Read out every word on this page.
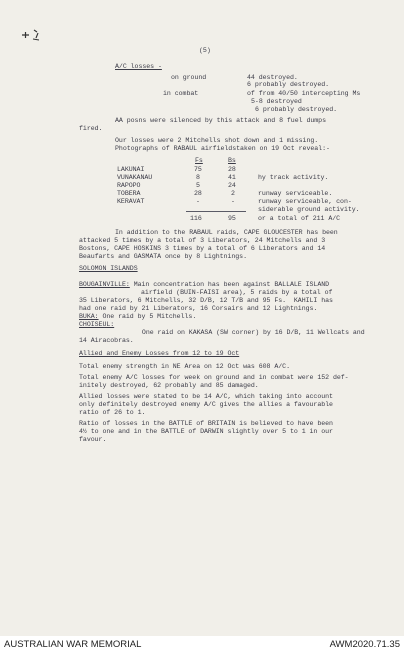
(5)
A/C losses -
on ground	44 destroyed.
6 probably destroyed.
in combat	of from 40/50 intercepting Ms
5-8 destroyed
6 probably destroyed.
AA posns were silenced by this attack and 8 fuel dumps
fired.
Our losses were 2 Mitchells shot down and 1 missing.
Photographs of RABAUL airfieldstaken on 19 Oct reveal:-
Fs	Bs
LAKUNAI	75	28
VUNAKANAU	8	41	hy track activity.
RAPOPO	5	24
TOBERA	28	2	runway serviceable.
KERAVAT	-	-	runway serviceable, con-
siderable ground activity.
116	95	or a total of 211 A/C
In addition to the RABAUL raids, CAPE GLOUCESTER has been
attacked 5 times by a total of 3 Liberators, 24 Mitchells and 3
Bostons, CAPE HOSKINS 3 times by a total of 6 Liberators and 14
Beaufarts and GASMATA once by 8 Lightnings.
SOLOMON ISLANDS
BOUGAINVILLE: Main concentration has been against BALLALE ISLAND
airfield (BUIN-FAISI area), 5 raids by a total of
35 Liberators, 6 Mitchells, 32 D/B, 12 T/B and 95 Fs.  KAHILI has
had one raid by 21 Liberators, 16 Corsairs and 12 Lightnings.
BUKA: One raid by 5 Mitchells.
CHOISEUL:
One raid on KAKASA (SW corner) by 16 D/B, 11 Wellcats and
14 Airacobras.
Allied and Enemy Losses from 12 to 19 Oct
Total enemy strength in NE Area on 12 Oct was 608 A/C.
Total enemy A/C losses for week on ground and in combat were 152 def-
initely destroyed, 62 probably and 85 damaged.
Allied losses were stated to be 14 A/C, which taking into account
only definitely destroyed enemy A/C gives the allies a favourable
ratio of 26 to 1.
Ratio of losses in the BATTLE of BRITAIN is believed to have been
4½ to one and in the BATTLE of DARWIN slightly over 5 to 1 in our
favour.
AUSTRALIAN WAR MEMORIAL	AWM2020.71.35
